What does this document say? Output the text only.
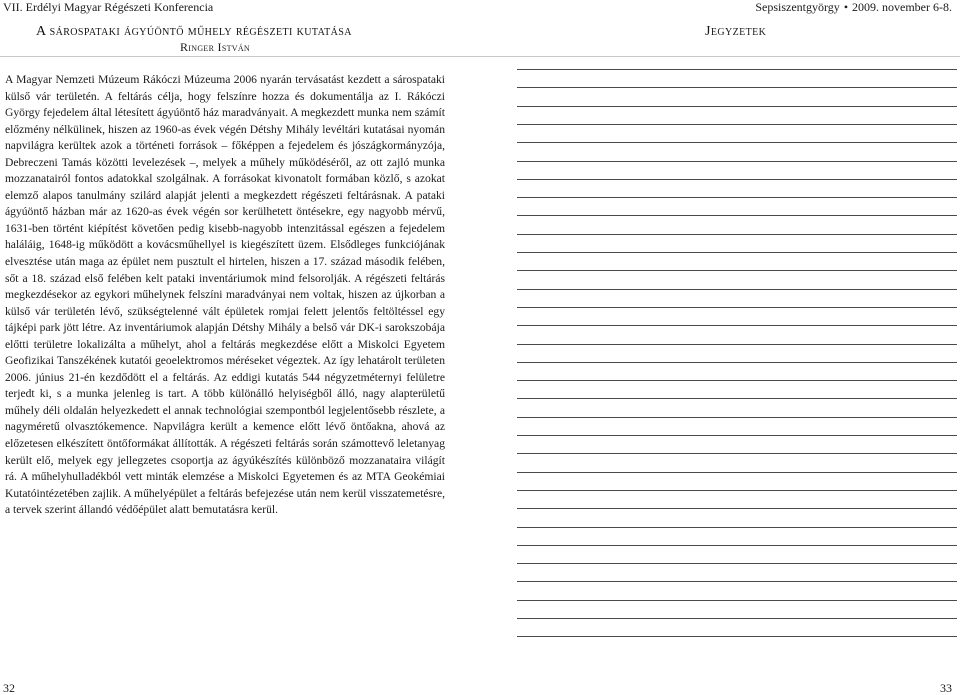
VII. Erdélyi Magyar Régészeti Konferencia	Sepsiszentgyörgy • 2009. november 6-8.
A sárospataki ágyúöntő műhely régészeti kutatása
Ringer István
Jegyzetek

A Magyar Nemzeti Múzeum Rákóczi Múzeuma 2006 nyarán tervásatást kezdett a sárospataki külső vár területén. A feltárás célja, hogy felszínre hozza és dokumentálja az I. Rákóczi György fejedelem által létesített ágyúöntő ház maradványait. A megkezdett munka nem számít előzmény nélkülinek, hiszen az 1960-as évek végén Détshy Mihály levéltári kutatásai nyomán napvilágra kerültek azok a történeti források – főképpen a fejedelem és jószágkormányzója, Debreczeni Tamás közötti levelezések –, melyek a műhely működéséről, az ott zajló munka mozzanatairól fontos adatokkal szolgálnak. A forrásokat kivonatolt formában közlő, s azokat elemző alapos tanulmány szilárd alapját jelenti a megkezdett régészeti feltárásnak. A pataki ágyúöntő házban már az 1620-as évek végén sor kerülhetett öntésekre, egy nagyobb mérvű, 1631-ben történt kiépítést követően pedig kisebb-nagyobb intenzitással egészen a fejedelem haláláig, 1648-ig működött a kovácsműhellyel is kiegészített üzem. Elsődleges funkciójának elvesztése után maga az épület nem pusztult el hirtelen, hiszen a 17. század második felében, sőt a 18. század első felében kelt pataki inventáriumok mind felsorolják. A régészeti feltárás megkezdésekor az egykori műhelynek felszíni maradványai nem voltak, hiszen az újkorban a külső vár területén lévő, szükségtelenné vált épületek romjai felett jelentős feltöltéssel egy tájképi park jött létre. Az inventáriumok alapján Détshy Mihály a belső vár DK-i sarokszobája előtti területre lokalizálta a műhelyt, ahol a feltárás megkezdése előtt a Miskolci Egyetem Geofizikai Tanszékének kutatói geoelektromos méréseket végeztek. Az így lehatárolt területen 2006. június 21-én kezdődött el a feltárás. Az eddigi kutatás 544 négyzetméternyi felületre terjedt ki, s a munka jelenleg is tart. A több különálló helyiségből álló, nagy alapterületű műhely déli oldalán helyezkedett el annak technológiai szempontból legjelentősebb részlete, a nagyméretű olvasztókemence. Napvilágra került a kemence előtt lévő öntőakna, ahová az előzetesen elkészített öntőformákat állították. A régészeti feltárás során számottevő leletanyag került elő, melyek egy jellegzetes csoportja az ágyúkészítés különböző mozzanataira világít rá. A műhelyhulladékból vett minták elemzése a Miskolci Egyetemen és az MTA Geokémiai Kutatóintézetében zajlik. A műhelyépület a feltárás befejezése után nem kerül visszatemetésre, a tervek szerint állandó védőépület alatt bemutatásra kerül.

32	33
